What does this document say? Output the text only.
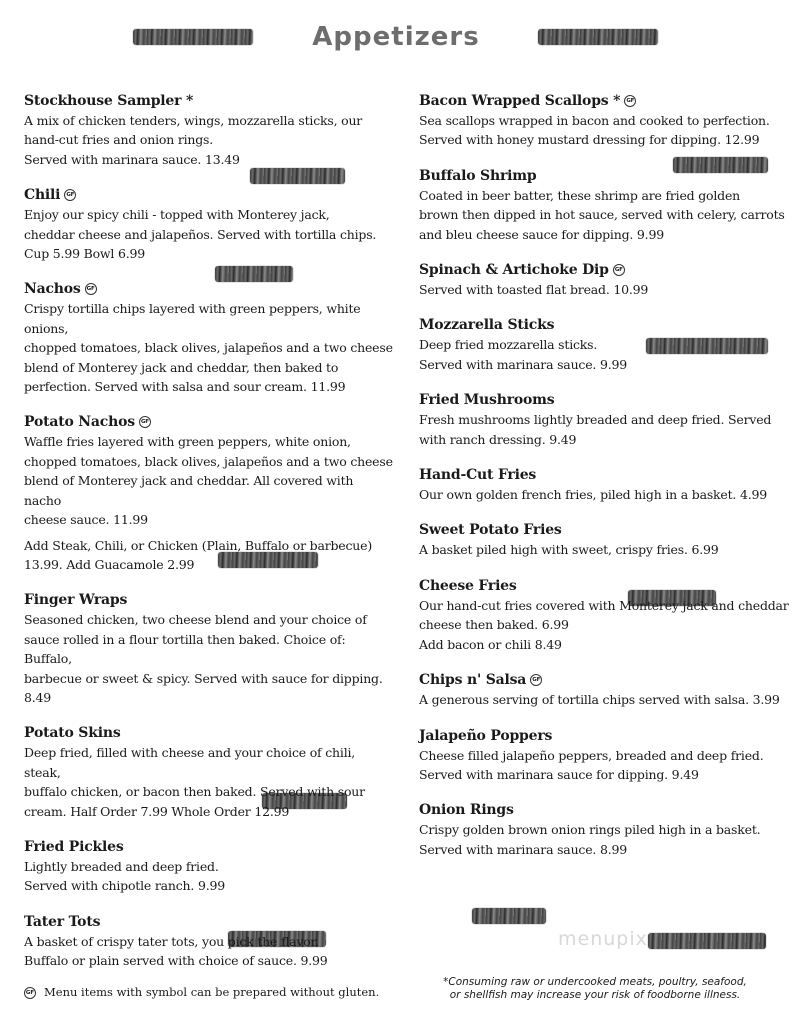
Appetizers
Stockhouse Sampler *
A mix of chicken tenders, wings, mozzarella sticks, our
hand-cut fries and onion rings.
Served with marinara sauce. 13.49
Chili GF
Enjoy our spicy chili - topped with Monterey jack,
cheddar cheese and jalapeños. Served with tortilla chips.
Cup 5.99 Bowl 6.99
Nachos GF
Crispy tortilla chips layered with green peppers, white onions,
chopped tomatoes, black olives, jalapeños and a two cheese
blend of Monterey jack and cheddar, then baked to
perfection. Served with salsa and sour cream. 11.99
Potato Nachos GF
Waffle fries layered with green peppers, white onion,
chopped tomatoes, black olives, jalapeños and a two cheese
blend of Monterey jack and cheddar. All covered with nacho
cheese sauce. 11.99
Add Steak, Chili, or Chicken (Plain, Buffalo or barbecue)
13.99. Add Guacamole 2.99
Finger Wraps
Seasoned chicken, two cheese blend and your choice of
sauce rolled in a flour tortilla then baked. Choice of: Buffalo,
barbecue or sweet & spicy. Served with sauce for dipping.
8.49
Potato Skins
Deep fried, filled with cheese and your choice of chili, steak,
buffalo chicken, or bacon then baked. Served with sour
cream. Half Order 7.99 Whole Order 12.99
Fried Pickles
Lightly breaded and deep fried.
Served with chipotle ranch. 9.99
Tater Tots
A basket of crispy tater tots, you pick the flavor.
Buffalo or plain served with choice of sauce. 9.99
Bacon Wrapped Scallops * GF
Sea scallops wrapped in bacon and cooked to perfection.
Served with honey mustard dressing for dipping. 12.99
Buffalo Shrimp
Coated in beer batter, these shrimp are fried golden
brown then dipped in hot sauce, served with celery, carrots
and bleu cheese sauce for dipping. 9.99
Spinach & Artichoke Dip GF
Served with toasted flat bread. 10.99
Mozzarella Sticks
Deep fried mozzarella sticks.
Served with marinara sauce. 9.99
Fried Mushrooms
Fresh mushrooms lightly breaded and deep fried. Served
with ranch dressing. 9.49
Hand-Cut Fries
Our own golden french fries, piled high in a basket. 4.99
Sweet Potato Fries
A basket piled high with sweet, crispy fries. 6.99
Cheese Fries
Our hand-cut fries covered with Monterey jack and cheddar
cheese then baked. 6.99
Add bacon or chili 8.49
Chips n' Salsa GF
A generous serving of tortilla chips served with salsa. 3.99
Jalapeño Poppers
Cheese filled jalapeño peppers, breaded and deep fried.
Served with marinara sauce for dipping. 9.49
Onion Rings
Crispy golden brown onion rings piled high in a basket.
Served with marinara sauce. 8.99
menupix
GF Menu items with symbol can be prepared without gluten.
*Consuming raw or undercooked meats, poultry, seafood,
or shellfish may increase your risk of foodborne illness.
